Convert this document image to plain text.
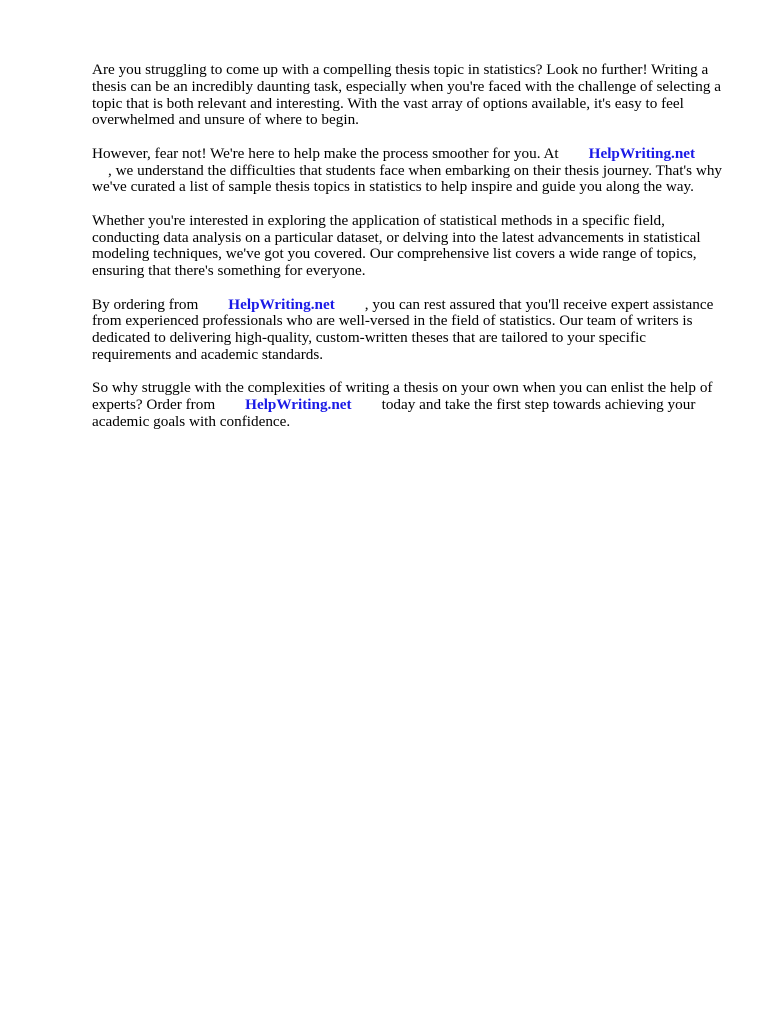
Are you struggling to come up with a compelling thesis topic in statistics? Look no further! Writing a thesis can be an incredibly daunting task, especially when you're faced with the challenge of selecting a topic that is both relevant and interesting. With the vast array of options available, it's easy to feel overwhelmed and unsure of where to begin.

However, fear not! We're here to help make the process smoother for you. At HelpWriting.net
, we understand the difficulties that students face when embarking on their thesis journey. That's why we've curated a list of sample thesis topics in statistics to help inspire and guide you along the way.

Whether you're interested in exploring the application of statistical methods in a specific field, conducting data analysis on a particular dataset, or delving into the latest advancements in statistical modeling techniques, we've got you covered. Our comprehensive list covers a wide range of topics, ensuring that there's something for everyone.

By ordering from HelpWriting.net , you can rest assured that you'll receive expert assistance from experienced professionals who are well-versed in the field of statistics. Our team of writers is dedicated to delivering high-quality, custom-written theses that are tailored to your specific requirements and academic standards.

So why struggle with the complexities of writing a thesis on your own when you can enlist the help of experts? Order from HelpWriting.net today and take the first step towards achieving your academic goals with confidence.
